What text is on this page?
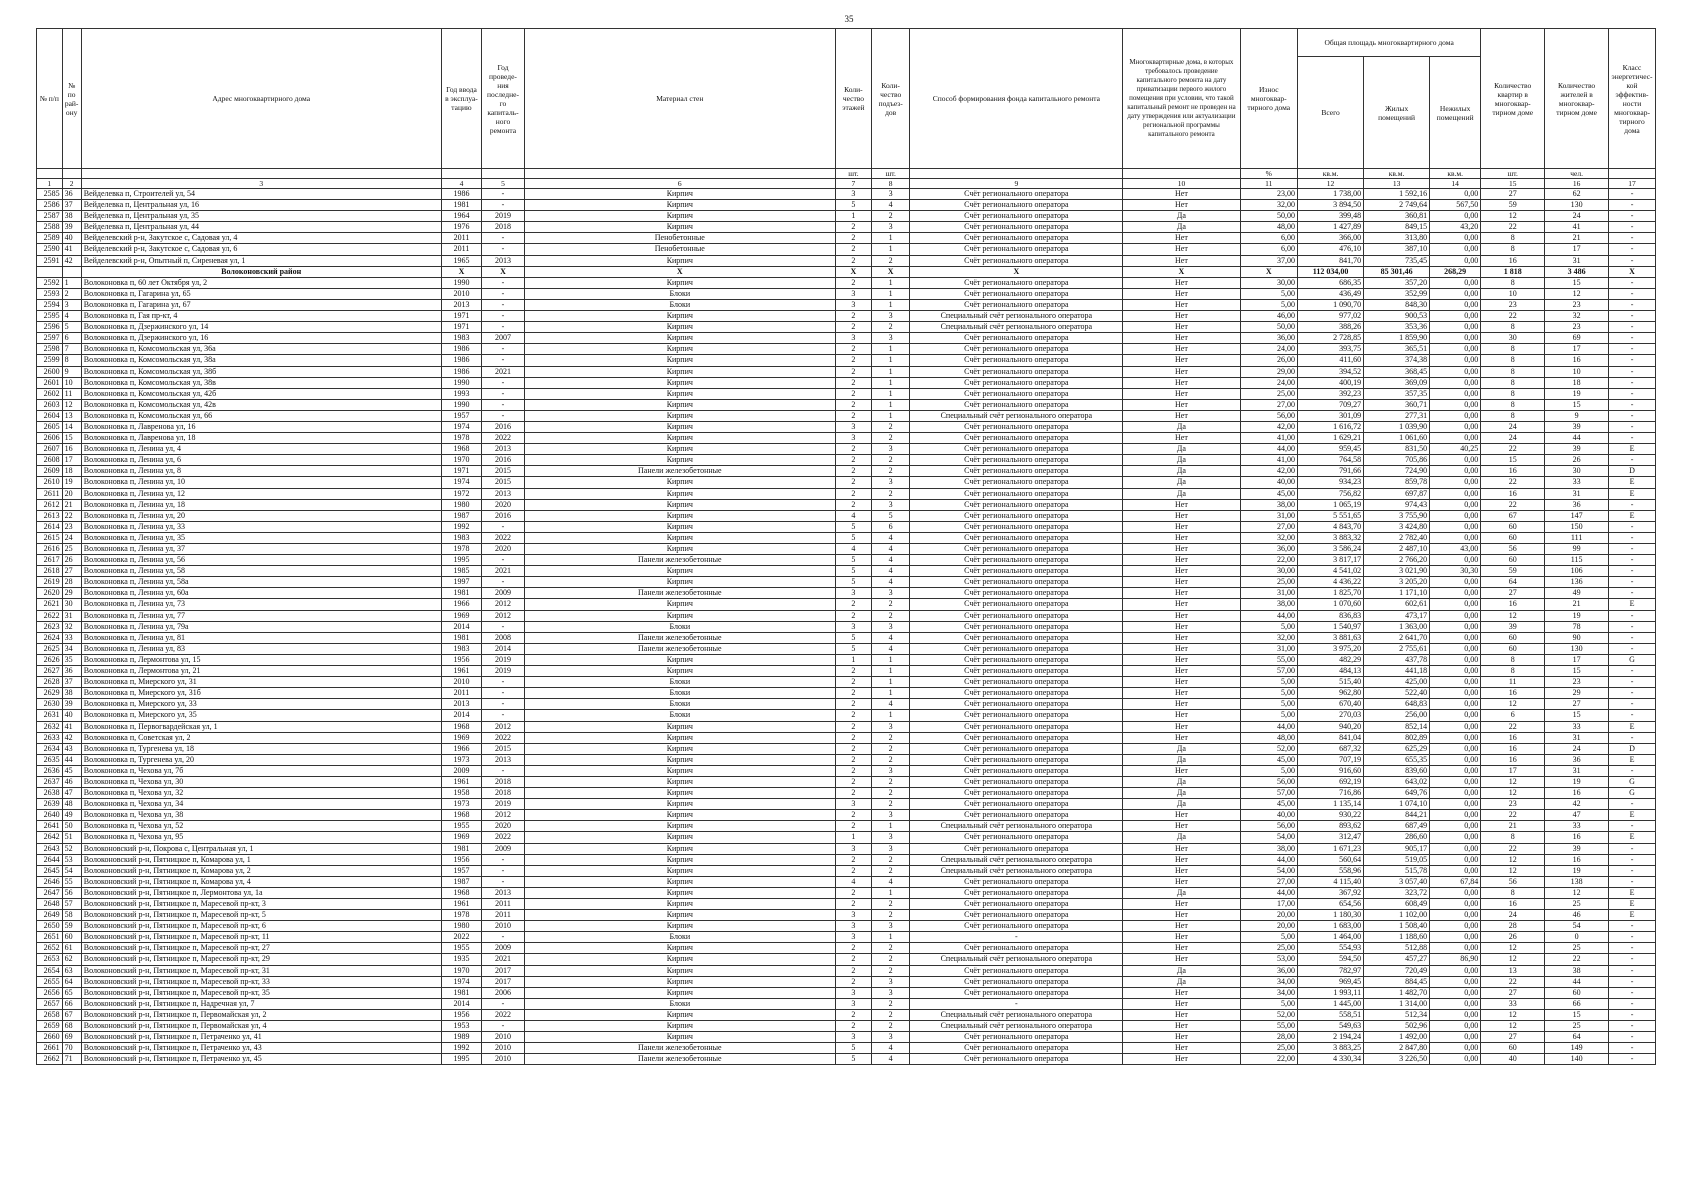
35
№ п/п	№ по рай-ону	Адрес многоквартирного дома	Год ввода в эксплуа-тацию	Год проведе-ния последне-го капиталь-ного ремонта	Материал стен	Коли-чество этажей	Коли-чество подъез-дов	Способ формирования фонда капитального ремонта	Многоквартирные дома, в которых требовалось проведение капитального ремонта на дату приватизации первого жилого помещения при условии, что такой капитальный ремонт не проведен на дату утверждения или актуализации региональной программы капитального ремонта	Износ многоквар-тирного дома	Общая площадь многоквартирного дома			Количество квартир в многоквар-тирном доме	Количество жителей в многоквар-тирном доме	Класс энергетичес-кой эффектив-ности многоквар-тирного дома
											Всего	Жилых помещений	Нежилых помещений			
						шт.	шт.			%	кв.м.	кв.м.	кв.м.	шт.	чел.	
1	2	3	4	5	6	7	8	9	10	11	12	13	14	15	16	17
2585	36	Вейделевка п, Строителей ул, 54	1986	-	Кирпич	3	3	Счёт регионального оператора	Нет	23,00	1 738,00	1 592,16	0,00	27	62	-
2586	37	Вейделевка п, Центральная ул, 16	1981	-	Кирпич	5	4	Счёт регионального оператора	Нет	32,00	3 894,50	2 749,64	567,50	59	130	-
2587	38	Вейделевка п, Центральная ул, 35	1964	2019	Кирпич	1	2	Счёт регионального оператора	Да	50,00	399,48	360,81	0,00	12	24	-
2588	39	Вейделевка п, Центральная ул, 44	1976	2018	Кирпич	2	3	Счёт регионального оператора	Да	48,00	1 427,89	849,15	43,20	22	41	-
2589	40	Вейделевский р-н, Закутское с, Садовая ул, 4	2011	-	Пенобетонные	2	1	Счёт регионального оператора	Нет	6,00	366,00	313,80	0,00	8	21	-
2590	41	Вейделевский р-н, Закутское с, Садовая ул, 6	2011	-	Пенобетонные	2	1	Счёт регионального оператора	Нет	6,00	476,10	387,10	0,00	8	17	-
2591	42	Вейделевский р-н, Опытный п, Сиреневая ул, 1	1965	2013	Кирпич	2	2	Счёт регионального оператора	Нет	37,00	841,70	735,45	0,00	16	31	-
		Волоконовский район	X	X	X	X	X	X	X	X	112 034,00	85 301,46	268,29	1 818	3 486	X
2592	1	Волоконовка п, 60 лет Октября ул, 2	1990	-	Кирпич	2	1	Счёт регионального оператора	Нет	30,00	686,35	357,20	0,00	8	15	-
2593	2	Волоконовка п, Гагарина ул, 65	2010	-	Блоки	3	1	Счёт регионального оператора	Нет	5,00	436,49	352,99	0,00	10	12	-
2594	3	Волоконовка п, Гагарина ул, 67	2013	-	Блоки	3	1	Счёт регионального оператора	Нет	5,00	1 090,70	848,30	0,00	23	23	-
2595	4	Волоконовка п, Гая пр-кт, 4	1971	-	Кирпич	2	3	Специальный счёт регионального оператора	Нет	46,00	977,02	900,53	0,00	22	32	-
2596	5	Волоконовка п, Дзержинского ул, 14	1971	-	Кирпич	2	2	Специальный счёт регионального оператора	Нет	50,00	388,26	353,36	0,00	8	23	-
2597	6	Волоконовка п, Дзержинского ул, 16	1983	2007	Кирпич	3	3	Счёт регионального оператора	Нет	36,00	2 728,85	1 859,90	0,00	30	69	-
2598	7	Волоконовка п, Комсомольская ул, 36а	1986	-	Кирпич	2	1	Счёт регионального оператора	Нет	24,00	393,75	365,51	0,00	8	17	-
2599	8	Волоконовка п, Комсомольская ул, 38а	1986	-	Кирпич	2	1	Счёт регионального оператора	Нет	26,00	411,60	374,38	0,00	8	16	-
2600	9	Волоконовка п, Комсомольская ул, 38б	1986	2021	Кирпич	2	1	Счёт регионального оператора	Нет	29,00	394,52	368,45	0,00	8	10	-
2601	10	Волоконовка п, Комсомольская ул, 38в	1990	-	Кирпич	2	1	Счёт регионального оператора	Нет	24,00	400,19	369,09	0,00	8	18	-
2602	11	Волоконовка п, Комсомольская ул, 42б	1993	-	Кирпич	2	1	Счёт регионального оператора	Нет	25,00	392,23	357,35	0,00	8	19	-
2603	12	Волоконовка п, Комсомольская ул, 42в	1990	-	Кирпич	2	1	Счёт регионального оператора	Нет	27,00	709,27	360,71	0,00	8	15	-
2604	13	Волоконовка п, Комсомольская ул, 66	1957	-	Кирпич	2	1	Специальный счёт регионального оператора	Нет	56,00	301,09	277,31	0,00	8	9	-
2605	14	Волоконовка п, Лавренова ул, 16	1974	2016	Кирпич	3	2	Счёт регионального оператора	Да	42,00	1 616,72	1 039,90	0,00	24	39	-
2606	15	Волоконовка п, Лавренова ул, 18	1978	2022	Кирпич	3	2	Счёт регионального оператора	Нет	41,00	1 629,21	1 061,60	0,00	24	44	-
2607	16	Волоконовка п, Ленина ул, 4	1968	2013	Кирпич	2	3	Счёт регионального оператора	Да	44,00	959,45	831,50	40,25	22	39	E
2608	17	Волоконовка п, Ленина ул, 6	1970	2016	Кирпич	2	2	Счёт регионального оператора	Да	41,00	764,58	705,86	0,00	15	26	-
2609	18	Волоконовка п, Ленина ул, 8	1971	2015	Панели железобетонные	2	2	Счёт регионального оператора	Да	42,00	791,66	724,90	0,00	16	30	D
2610	19	Волоконовка п, Ленина ул, 10	1974	2015	Кирпич	2	3	Счёт регионального оператора	Да	40,00	934,23	859,78	0,00	22	33	E
2611	20	Волоконовка п, Ленина ул, 12	1972	2013	Кирпич	2	2	Счёт регионального оператора	Да	45,00	756,82	697,87	0,00	16	31	E
2612	21	Волоконовка п, Ленина ул, 18	1980	2020	Кирпич	2	3	Счёт регионального оператора	Нет	38,00	1 065,19	974,43	0,00	22	36	-
2613	22	Волоконовка п, Ленина ул, 20	1987	2016	Кирпич	4	5	Счёт регионального оператора	Нет	31,00	5 551,65	3 755,90	0,00	67	147	E
2614	23	Волоконовка п, Ленина ул, 33	1992	-	Кирпич	5	6	Счёт регионального оператора	Нет	27,00	4 843,70	3 424,80	0,00	60	150	-
2615	24	Волоконовка п, Ленина ул, 35	1983	2022	Кирпич	5	4	Счёт регионального оператора	Нет	32,00	3 883,32	2 782,40	0,00	60	111	-
2616	25	Волоконовка п, Ленина ул, 37	1978	2020	Кирпич	4	4	Счёт регионального оператора	Нет	36,00	3 586,24	2 487,10	43,00	56	99	-
2617	26	Волоконовка п, Ленина ул, 56	1995	-	Панели железобетонные	5	4	Счёт регионального оператора	Нет	22,00	3 817,17	2 766,20	0,00	60	115	-
2618	27	Волоконовка п, Ленина ул, 58	1985	2021	Кирпич	5	4	Счёт регионального оператора	Нет	30,00	4 541,02	3 021,90	30,30	59	106	-
2619	28	Волоконовка п, Ленина ул, 58а	1997	-	Кирпич	5	4	Счёт регионального оператора	Нет	25,00	4 436,22	3 205,20	0,00	64	136	-
2620	29	Волоконовка п, Ленина ул, 60а	1981	2009	Панели железобетонные	3	3	Счёт регионального оператора	Нет	31,00	1 825,70	1 171,10	0,00	27	49	-
2621	30	Волоконовка п, Ленина ул, 73	1966	2012	Кирпич	2	2	Счёт регионального оператора	Нет	38,00	1 070,60	602,61	0,00	16	21	E
2622	31	Волоконовка п, Ленина ул, 77	1969	2012	Кирпич	2	2	Счёт регионального оператора	Нет	44,00	836,83	473,17	0,00	12	19	-
2623	32	Волоконовка п, Ленина ул, 79а	2014	-	Блоки	3	3	Счёт регионального оператора	Нет	5,00	1 540,97	1 363,00	0,00	39	78	-
2624	33	Волоконовка п, Ленина ул, 81	1981	2008	Панели железобетонные	5	4	Счёт регионального оператора	Нет	32,00	3 881,63	2 641,70	0,00	60	90	-
2625	34	Волоконовка п, Ленина ул, 83	1983	2014	Панели железобетонные	5	4	Счёт регионального оператора	Нет	31,00	3 975,20	2 755,61	0,00	60	130	-
2626	35	Волоконовка п, Лермонтова ул, 15	1956	2019	Кирпич	1	1	Счёт регионального оператора	Нет	55,00	482,29	437,78	0,00	8	17	G
2627	36	Волоконовка п, Лермонтова ул, 21	1961	2019	Кирпич	2	1	Счёт регионального оператора	Нет	57,00	484,13	441,18	0,00	8	15	-
2628	37	Волоконовка п, Миерского ул, 31	2010	-	Блоки	2	1	Счёт регионального оператора	Нет	5,00	515,40	425,00	0,00	11	23	-
2629	38	Волоконовка п, Миерского ул, 31б	2011	-	Блоки	2	1	Счёт регионального оператора	Нет	5,00	962,80	522,40	0,00	16	29	-
2630	39	Волоконовка п, Миерского ул, 33	2013	-	Блоки	2	4	Счёт регионального оператора	Нет	5,00	670,40	648,83	0,00	12	27	-
2631	40	Волоконовка п, Миерского ул, 35	2014	-	Блоки	2	1	Счёт регионального оператора	Нет	5,00	270,03	256,00	0,00	6	15	-
2632	41	Волоконовка п, Первогвардейская ул, 1	1968	2012	Кирпич	2	3	Счёт регионального оператора	Нет	44,00	940,20	852,14	0,00	22	33	E
2633	42	Волоконовка п, Советская ул, 2	1969	2022	Кирпич	2	2	Счёт регионального оператора	Нет	48,00	841,04	802,89	0,00	16	31	-
2634	43	Волоконовка п, Тургенева ул, 18	1966	2015	Кирпич	2	2	Счёт регионального оператора	Да	52,00	687,32	625,29	0,00	16	24	D
2635	44	Волоконовка п, Тургенева ул, 20	1973	2013	Кирпич	2	2	Счёт регионального оператора	Да	45,00	707,19	655,35	0,00	16	36	E
2636	45	Волоконовка п, Чехова ул, 7б	2009	-	Кирпич	2	3	Счёт регионального оператора	Нет	5,00	916,60	839,60	0,00	17	31	-
2637	46	Волоконовка п, Чехова ул, 30	1961	2018	Кирпич	2	2	Счёт регионального оператора	Да	56,00	692,19	643,02	0,00	12	19	G
2638	47	Волоконовка п, Чехова ул, 32	1958	2018	Кирпич	2	2	Счёт регионального оператора	Да	57,00	716,86	649,76	0,00	12	16	G
2639	48	Волоконовка п, Чехова ул, 34	1973	2019	Кирпич	3	2	Счёт регионального оператора	Да	45,00	1 135,14	1 074,10	0,00	23	42	-
2640	49	Волоконовка п, Чехова ул, 38	1968	2012	Кирпич	2	3	Счёт регионального оператора	Нет	40,00	930,22	844,21	0,00	22	47	E
2641	50	Волоконовка п, Чехова ул, 52	1955	2020	Кирпич	2	1	Специальный счёт регионального оператора	Нет	56,00	893,62	687,49	0,00	21	33	-
2642	51	Волоконовка п, Чехова ул, 95	1969	2022	Кирпич	1	3	Счёт регионального оператора	Да	54,00	312,47	286,60	0,00	8	16	E
2643	52	Волоконовский р-н, Покрова с, Центральная ул, 1	1981	2009	Кирпич	3	3	Счёт регионального оператора	Нет	38,00	1 671,23	905,17	0,00	22	39	-
2644	53	Волоконовский р-н, Пятницкое п, Комарова ул, 1	1956	-	Кирпич	2	2	Специальный счёт регионального оператора	Нет	44,00	560,64	519,05	0,00	12	16	-
2645	54	Волоконовский р-н, Пятницкое п, Комарова ул, 2	1957	-	Кирпич	2	2	Специальный счёт регионального оператора	Нет	54,00	558,96	515,78	0,00	12	19	-
2646	55	Волоконовский р-н, Пятницкое п, Комарова ул, 4	1987	-	Кирпич	4	4	Счёт регионального оператора	Нет	27,00	4 115,40	3 057,40	67,84	56	138	-
2647	56	Волоконовский р-н, Пятницкое п, Лермонтова ул, 1а	1968	2013	Кирпич	2	1	Счёт регионального оператора	Да	44,00	367,92	323,72	0,00	8	12	E
2648	57	Волоконовский р-н, Пятницкое п, Маресевой пр-кт, 3	1961	2011	Кирпич	2	2	Счёт регионального оператора	Нет	17,00	654,56	608,49	0,00	16	25	E
2649	58	Волоконовский р-н, Пятницкое п, Маресевой пр-кт, 5	1978	2011	Кирпич	3	2	Счёт регионального оператора	Нет	20,00	1 180,30	1 102,00	0,00	24	46	E
2650	59	Волоконовский р-н, Пятницкое п, Маресевой пр-кт, 6	1980	2010	Кирпич	3	3	Счёт регионального оператора	Нет	20,00	1 683,00	1 508,40	0,00	28	54	-
2651	60	Волоконовский р-н, Пятницкое п, Маресевой пр-кт, 11	2022	-	Блоки	3	1	-	Нет	5,00	1 464,00	1 188,60	0,00	26	0	-
2652	61	Волоконовский р-н, Пятницкое п, Маресевой пр-кт, 27	1955	2009	Кирпич	2	2	Счёт регионального оператора	Нет	25,00	554,93	512,88	0,00	12	25	-
2653	62	Волоконовский р-н, Пятницкое п, Маресевой пр-кт, 29	1935	2021	Кирпич	2	2	Специальный счёт регионального оператора	Нет	53,00	594,50	457,27	86,90	12	22	-
2654	63	Волоконовский р-н, Пятницкое п, Маресевой пр-кт, 31	1970	2017	Кирпич	2	2	Счёт регионального оператора	Да	36,00	782,97	720,49	0,00	13	38	-
2655	64	Волоконовский р-н, Пятницкое п, Маресевой пр-кт, 33	1974	2017	Кирпич	2	3	Счёт регионального оператора	Да	34,00	969,45	884,45	0,00	22	44	-
2656	65	Волоконовский р-н, Пятницкое п, Маресевой пр-кт, 35	1981	2006	Кирпич	3	3	Счёт регионального оператора	Нет	34,00	1 993,11	1 482,70	0,00	27	60	-
2657	66	Волоконовский р-н, Пятницкое п, Надречная ул, 7	2014	-	Блоки	3	2	-	Нет	5,00	1 445,00	1 314,00	0,00	33	66	-
2658	67	Волоконовский р-н, Пятницкое п, Первомайская ул, 2	1956	2022	Кирпич	2	2	Специальный счёт регионального оператора	Нет	52,00	558,51	512,34	0,00	12	15	-
2659	68	Волоконовский р-н, Пятницкое п, Первомайская ул, 4	1953	-	Кирпич	2	2	Специальный счёт регионального оператора	Нет	55,00	549,63	502,96	0,00	12	25	-
2660	69	Волоконовский р-н, Пятницкое п, Петраченко ул, 41	1989	2010	Кирпич	3	3	Счёт регионального оператора	Нет	28,00	2 194,24	1 492,00	0,00	27	64	-
2661	70	Волоконовский р-н, Пятницкое п, Петраченко ул, 43	1992	2010	Панели железобетонные	5	4	Счёт регионального оператора	Нет	25,00	3 883,25	2 847,80	0,00	60	149	-
2662	71	Волоконовский р-н, Пятницкое п, Петраченко ул, 45	1995	2010	Панели железобетонные	5	4	Счёт регионального оператора	Нет	22,00	4 330,34	3 226,50	0,00	40	140	-
